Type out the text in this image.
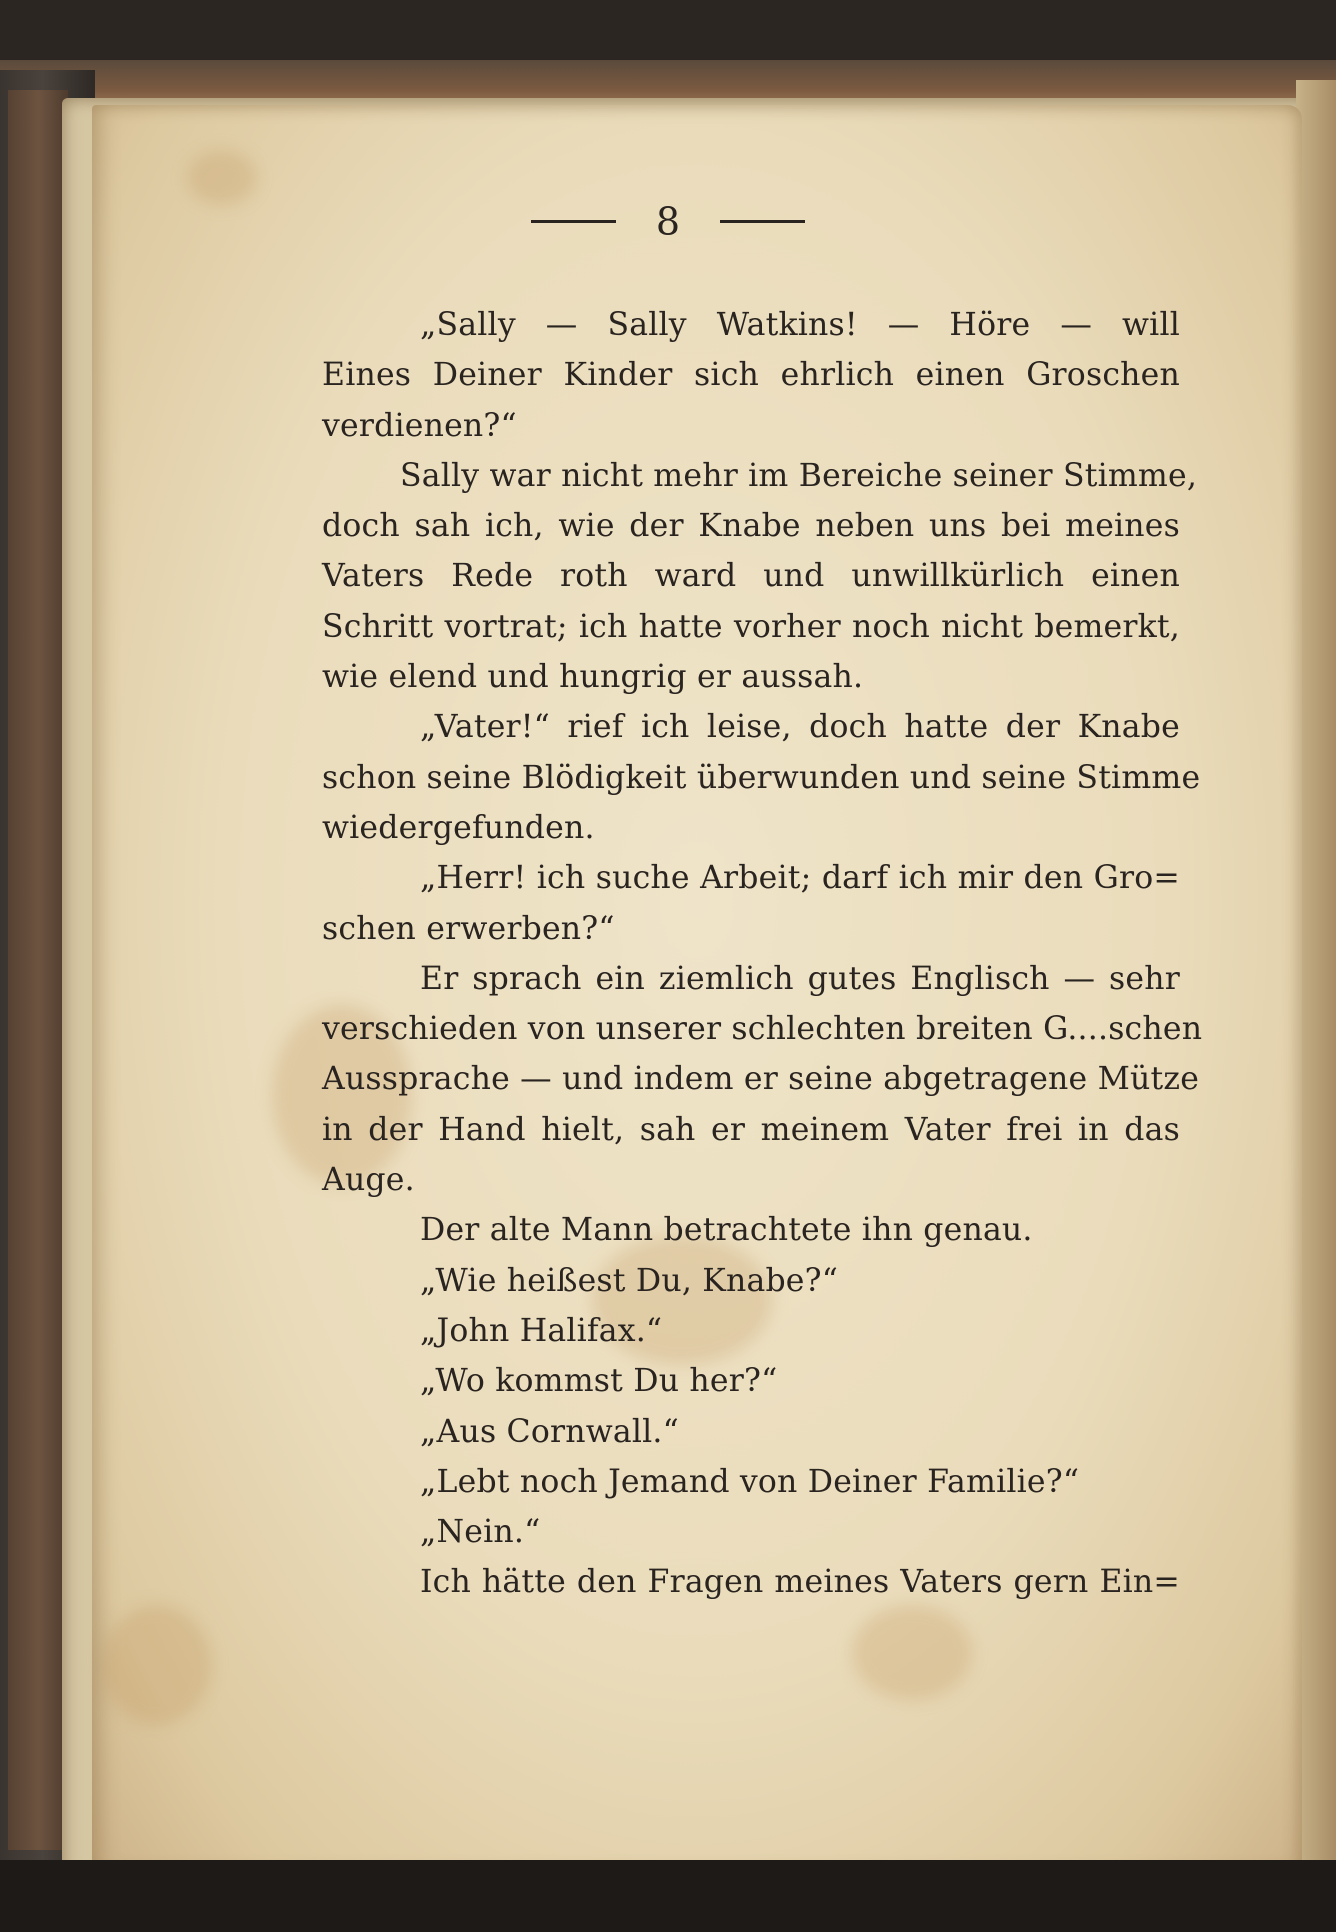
8
„Sally — Sally Watkins! — Höre — will
Eines Deiner Kinder sich ehrlich einen Groschen
verdienen?“
Sally war nicht mehr im Bereiche seiner Stimme,
doch sah ich, wie der Knabe neben uns bei meines
Vaters Rede roth ward und unwillkürlich einen
Schritt vortrat; ich hatte vorher noch nicht bemerkt,
wie elend und hungrig er aussah.
„Vater!“ rief ich leise, doch hatte der Knabe
schon seine Blödigkeit überwunden und seine Stimme
wiedergefunden.
„Herr! ich suche Arbeit; darf ich mir den Gro=
schen erwerben?“
Er sprach ein ziemlich gutes Englisch — sehr
verschieden von unserer schlechten breiten G....schen
Aussprache — und indem er seine abgetragene Mütze
in der Hand hielt, sah er meinem Vater frei in das
Auge.
Der alte Mann betrachtete ihn genau.
„Wie heißest Du, Knabe?“
„John Halifax.“
„Wo kommst Du her?“
„Aus Cornwall.“
„Lebt noch Jemand von Deiner Familie?“
„Nein.“
Ich hätte den Fragen meines Vaters gern Ein=
